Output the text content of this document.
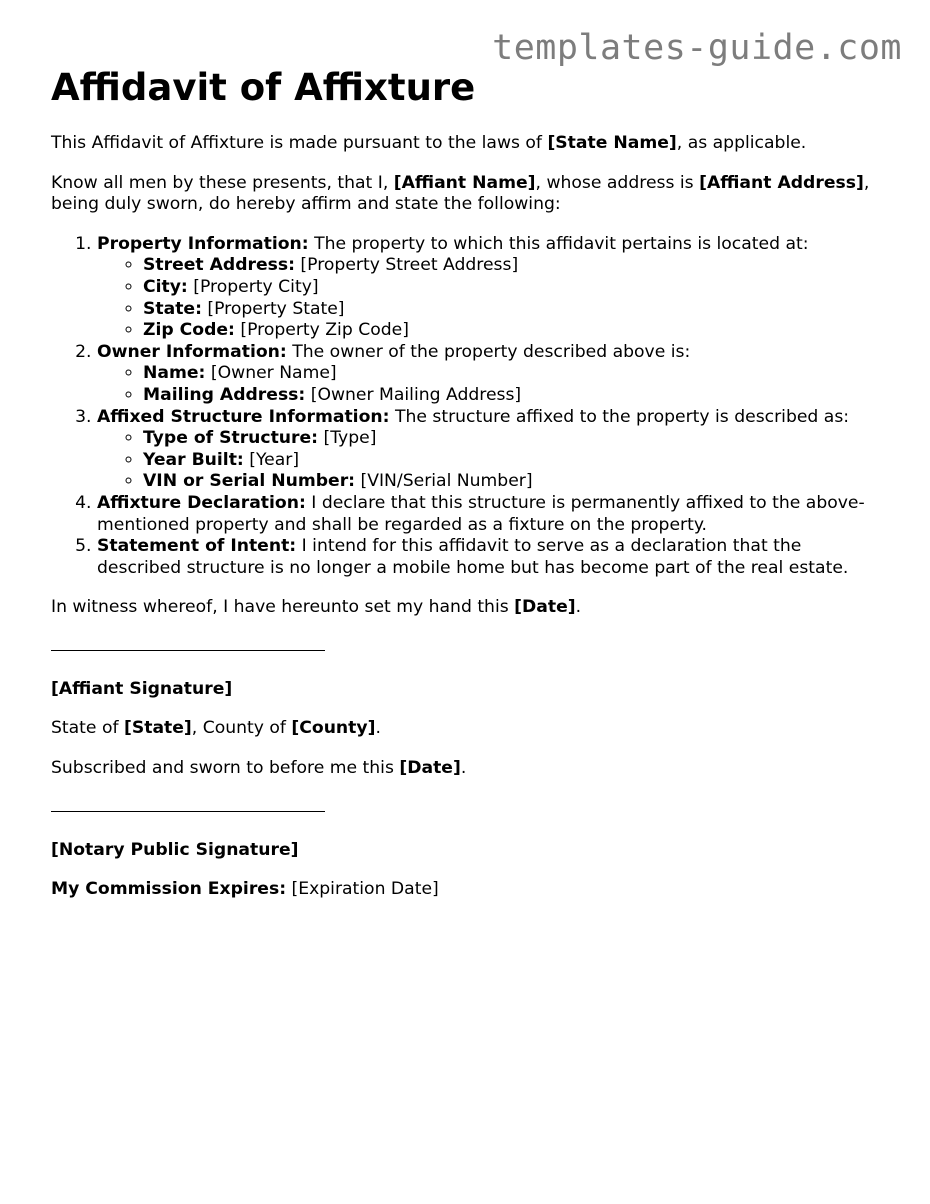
templates-guide.com
Affidavit of Affixture

This Affidavit of Affixture is made pursuant to the laws of [State Name], as applicable.

Know all men by these presents, that I, [Affiant Name], whose address is [Affiant Address], being duly sworn, do hereby affirm and state the following:

1. Property Information: The property to which this affidavit pertains is located at:
◦ Street Address: [Property Street Address]
◦ City: [Property City]
◦ State: [Property State]
◦ Zip Code: [Property Zip Code]
2. Owner Information: The owner of the property described above is:
◦ Name: [Owner Name]
◦ Mailing Address: [Owner Mailing Address]
3. Affixed Structure Information: The structure affixed to the property is described as:
◦ Type of Structure: [Type]
◦ Year Built: [Year]
◦ VIN or Serial Number: [VIN/Serial Number]
4. Affixture Declaration: I declare that this structure is permanently affixed to the above-mentioned property and shall be regarded as a fixture on the property.
5. Statement of Intent: I intend for this affidavit to serve as a declaration that the described structure is no longer a mobile home but has become part of the real estate.

In witness whereof, I have hereunto set my hand this [Date].

[Affiant Signature]

State of [State], County of [County].

Subscribed and sworn to before me this [Date].

[Notary Public Signature]

My Commission Expires: [Expiration Date]
